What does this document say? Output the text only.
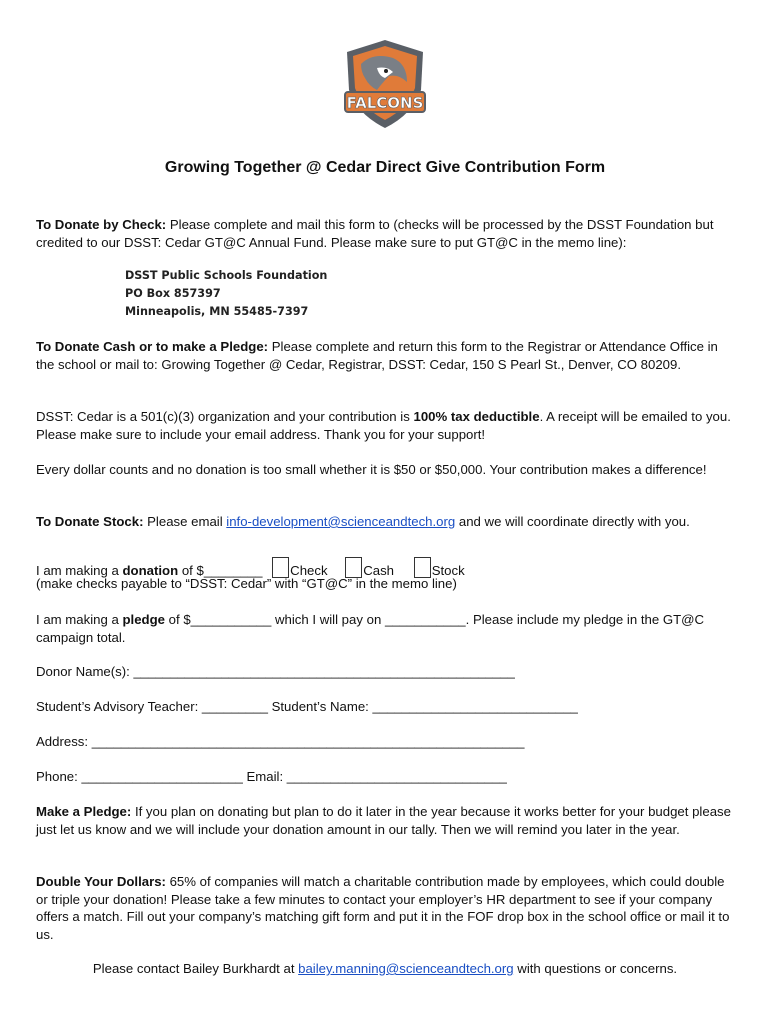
FALCONS
Growing Together @ Cedar Direct Give Contribution Form
To Donate by Check: Please complete and mail this form to (checks will be processed by the DSST Foundation but credited to our DSST: Cedar GT@C Annual Fund. Please make sure to put GT@C in the memo line):
DSST Public Schools Foundation
PO Box 857397
Minneapolis, MN 55485-7397
To Donate Cash or to make a Pledge: Please complete and return this form to the Registrar or Attendance Office in the school or mail to: Growing Together @ Cedar, Registrar, DSST: Cedar, 150 S Pearl St., Denver, CO 80209.
DSST: Cedar is a 501(c)(3) organization and your contribution is 100% tax deductible. A receipt will be emailed to you. Please make sure to include your email address. Thank you for your support!
Every dollar counts and no donation is too small whether it is $50 or $50,000. Your contribution makes a difference!
To Donate Stock: Please email info-development@scienceandtech.org and we will coordinate directly with you.
I am making a donation of $________ Check	Cash	Stock
(make checks payable to “DSST: Cedar” with “GT@C” in the memo line)
I am making a pledge of $___________ which I will pay on ___________. Please include my pledge in the GT@C campaign total.
Donor Name(s): ____________________________________________________
Student’s Advisory Teacher: _________ Student’s Name: ____________________________
Address: ___________________________________________________________
Phone: ______________________ Email: ______________________________
Make a Pledge: If you plan on donating but plan to do it later in the year because it works better for your budget please just let us know and we will include your donation amount in our tally. Then we will remind you later in the year.
Double Your Dollars: 65% of companies will match a charitable contribution made by employees, which could double or triple your donation! Please take a few minutes to contact your employer’s HR department to see if your company offers a match. Fill out your company’s matching gift form and put it in the FOF drop box in the school office or mail it to us.
Please contact Bailey Burkhardt at bailey.manning@scienceandtech.org with questions or concerns.
